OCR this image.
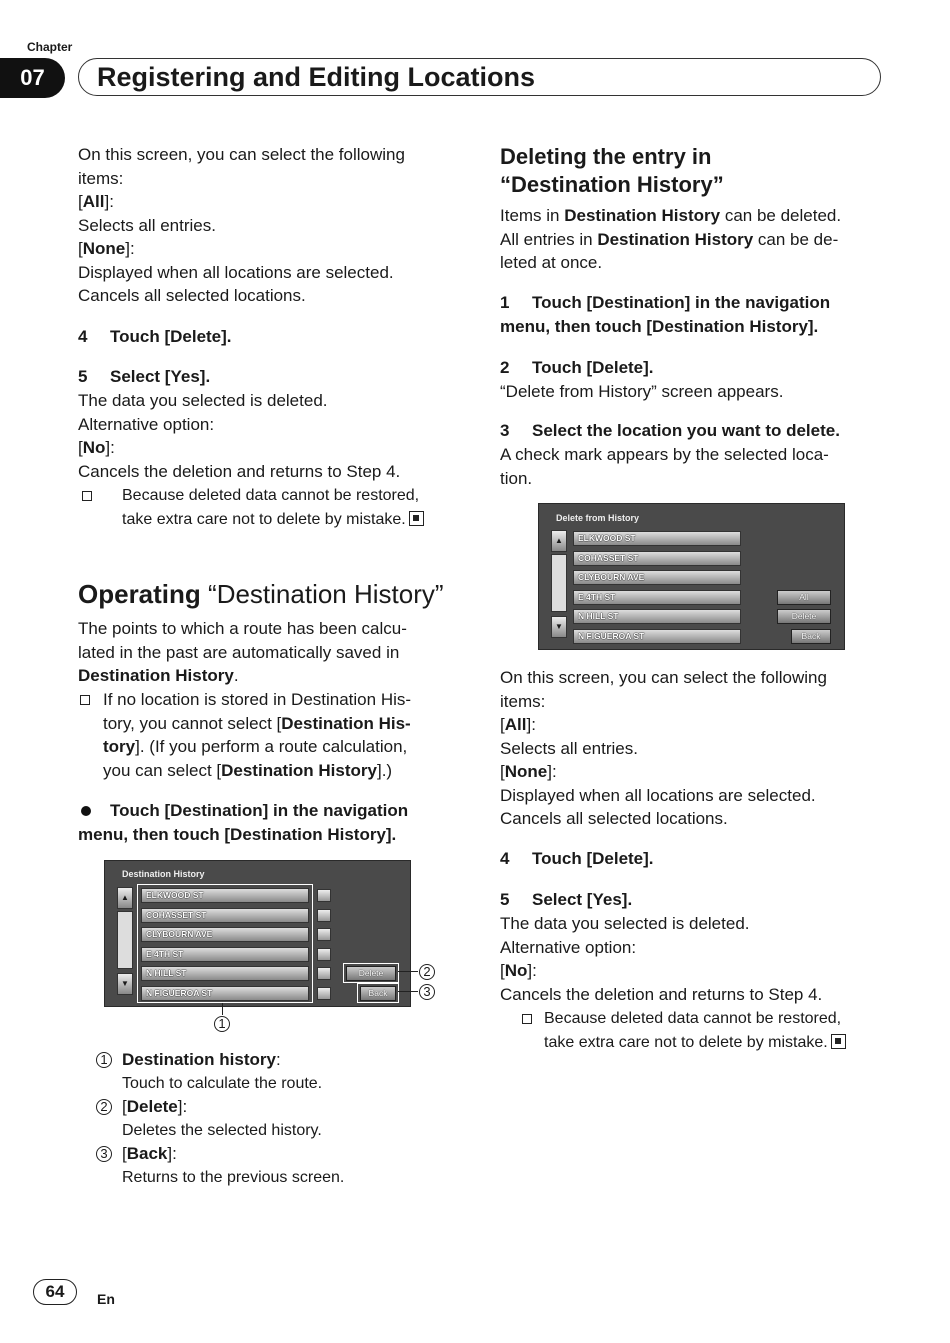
Chapter
07	Registering and Editing Locations
On this screen, you can select the following
items:
[All]:
Selects all entries.
[None]:
Displayed when all locations are selected.
Cancels all selected locations.
4 Touch [Delete].
5 Select [Yes].
The data you selected is deleted.
Alternative option:
[No]:
Cancels the deletion and returns to Step 4.
Because deleted data cannot be restored,
take extra care not to delete by mistake.
Operating “Destination History”
The points to which a route has been calcu-
lated in the past are automatically saved in
Destination History.
If no location is stored in Destination His-
tory, you cannot select [Destination His-
tory]. (If you perform a route calculation,
you can select [Destination History].)
Touch [Destination] in the navigation
menu, then touch [Destination History].
Destination History
▲
▼
ELKWOOD ST
COHASSET ST
CLYBOURN AVE
E 4TH ST
N HILL ST
N FIGUEROA ST
Delete
Back
2
3
1
1 Destination history:
Touch to calculate the route.
2 [Delete]:
Deletes the selected history.
3 [Back]:
Returns to the previous screen.
Deleting the entry in
“Destination History”
Items in Destination History can be deleted.
All entries in Destination History can be de-
leted at once.
1 Touch [Destination] in the navigation
menu, then touch [Destination History].
2 Touch [Delete].
“Delete from History” screen appears.
3 Select the location you want to delete.
A check mark appears by the selected loca-
tion.
Delete from History
▲
▼
ELKWOOD ST
COHASSET ST
CLYBOURN AVE
E 4TH ST
N HILL ST
N FIGUEROA ST
All
Delete
Back
On this screen, you can select the following
items:
[All]:
Selects all entries.
[None]:
Displayed when all locations are selected.
Cancels all selected locations.
4 Touch [Delete].
5 Select [Yes].
The data you selected is deleted.
Alternative option:
[No]:
Cancels the deletion and returns to Step 4.
Because deleted data cannot be restored,
take extra care not to delete by mistake.
64	En
